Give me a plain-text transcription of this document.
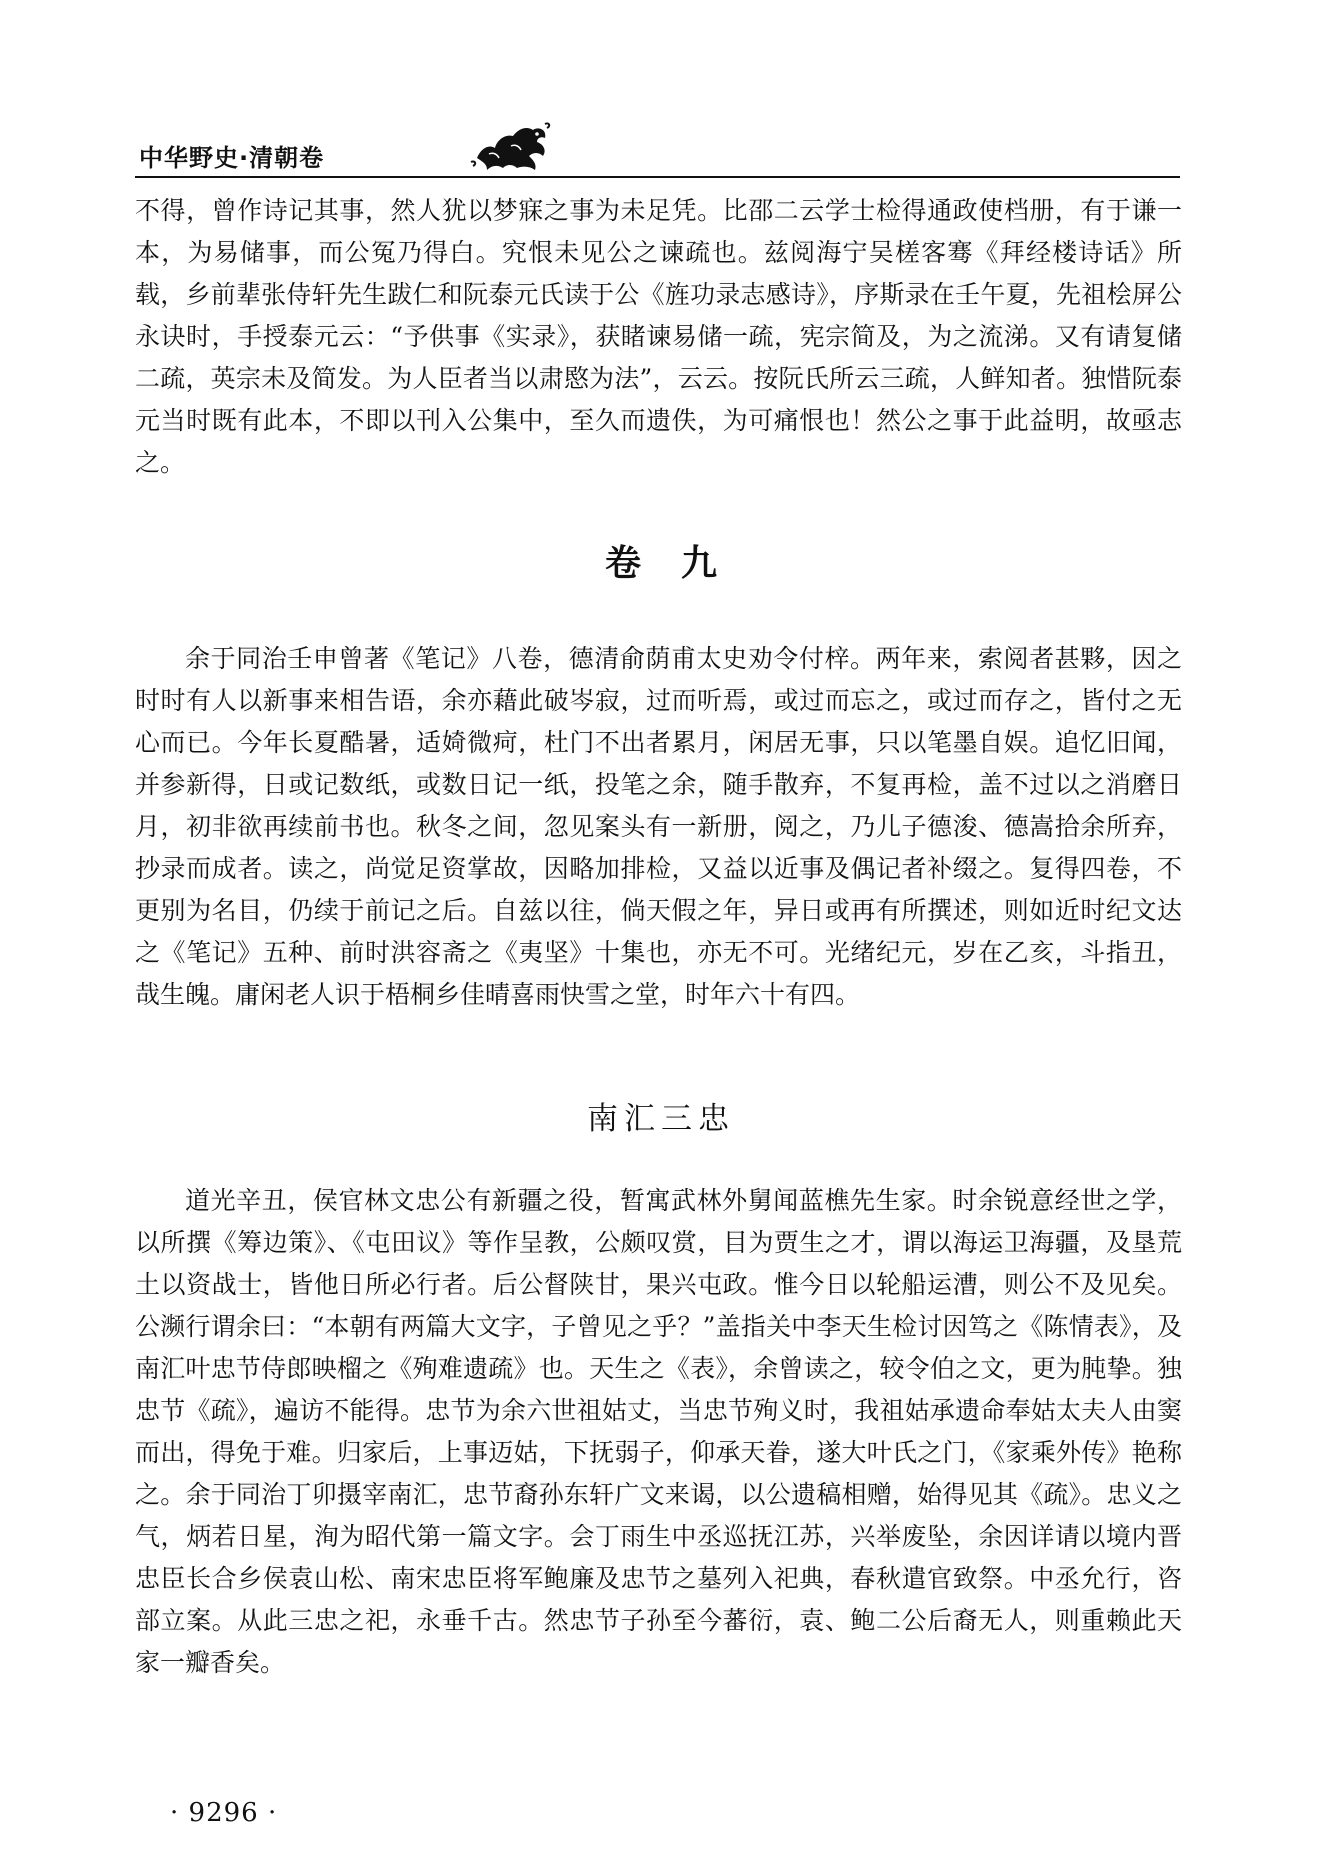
中华野史·清朝卷

不得，曾作诗记其事，然人犹以梦寐之事为未足凭。比邵二云学士检得通政使档册，有于谦一本，为易储事，而公冤乃得白。究恨未见公之谏疏也。兹阅海宁吴槎客骞《拜经楼诗话》所载，乡前辈张侍轩先生跋仁和阮泰元氏读于公《旌功录志感诗》，序斯录在壬午夏，先祖桧屏公永诀时，手授泰元云：“予供事《实录》，获睹谏易储一疏，宪宗简及，为之流涕。又有请复储二疏，英宗未及简发。为人臣者当以肃愍为法”，云云。按阮氏所云三疏，人鲜知者。独惜阮泰元当时既有此本，不即以刊入公集中，至久而遗佚，为可痛恨也！然公之事于此益明，故亟志之。

卷九

余于同治壬申曾著《笔记》八卷，德清俞荫甫太史劝令付梓。两年来，索阅者甚夥，因之时时有人以新事来相告语，余亦藉此破岑寂，过而听焉，或过而忘之，或过而存之，皆付之无心而已。今年长夏酷暑，适婍微疴，杜门不出者累月，闲居无事，只以笔墨自娱。追忆旧闻，并参新得，日或记数纸，或数日记一纸，投笔之余，随手散弃，不复再检，盖不过以之消磨日月，初非欲再续前书也。秋冬之间，忽见案头有一新册，阅之，乃儿子德浚、德嵩拾余所弃，抄录而成者。读之，尚觉足资掌故，因略加排检，又益以近事及偶记者补缀之。复得四卷，不更别为名目，仍续于前记之后。自兹以往，倘天假之年，异日或再有所撰述，则如近时纪文达之《笔记》五种、前时洪容斋之《夷坚》十集也，亦无不可。光绪纪元，岁在乙亥，斗指丑，哉生魄。庸闲老人识于梧桐乡佳晴喜雨快雪之堂，时年六十有四。

南汇三忠

道光辛丑，侯官林文忠公有新疆之役，暂寓武林外舅闻蓝樵先生家。时余锐意经世之学，以所撰《筹边策》、《屯田议》等作呈教，公颇叹赏，目为贾生之才，谓以海运卫海疆，及垦荒土以资战士，皆他日所必行者。后公督陕甘，果兴屯政。惟今日以轮船运漕，则公不及见矣。公濒行谓余曰：“本朝有两篇大文字，子曾见之乎？”盖指关中李天生检讨因笃之《陈情表》，及南汇叶忠节侍郎映榴之《殉难遗疏》也。天生之《表》，余曾读之，较令伯之文，更为肫挚。独忠节《疏》，遍访不能得。忠节为余六世祖姑丈，当忠节殉义时，我祖姑承遗命奉姑太夫人由窦而出，得免于难。归家后，上事迈姑，下抚弱子，仰承天眷，遂大叶氏之门，《家乘外传》艳称之。余于同治丁卯摄宰南汇，忠节裔孙东轩广文来谒，以公遗稿相赠，始得见其《疏》。忠义之气，炳若日星，洵为昭代第一篇文字。会丁雨生中丞巡抚江苏，兴举废坠，余因详请以境内晋忠臣长合乡侯袁山松、南宋忠臣将军鲍廉及忠节之墓列入祀典，春秋遣官致祭。中丞允行，咨部立案。从此三忠之祀，永垂千古。然忠节子孙至今蕃衍，袁、鲍二公后裔无人，则重赖此天家一瓣香矣。

· 9296 ·
